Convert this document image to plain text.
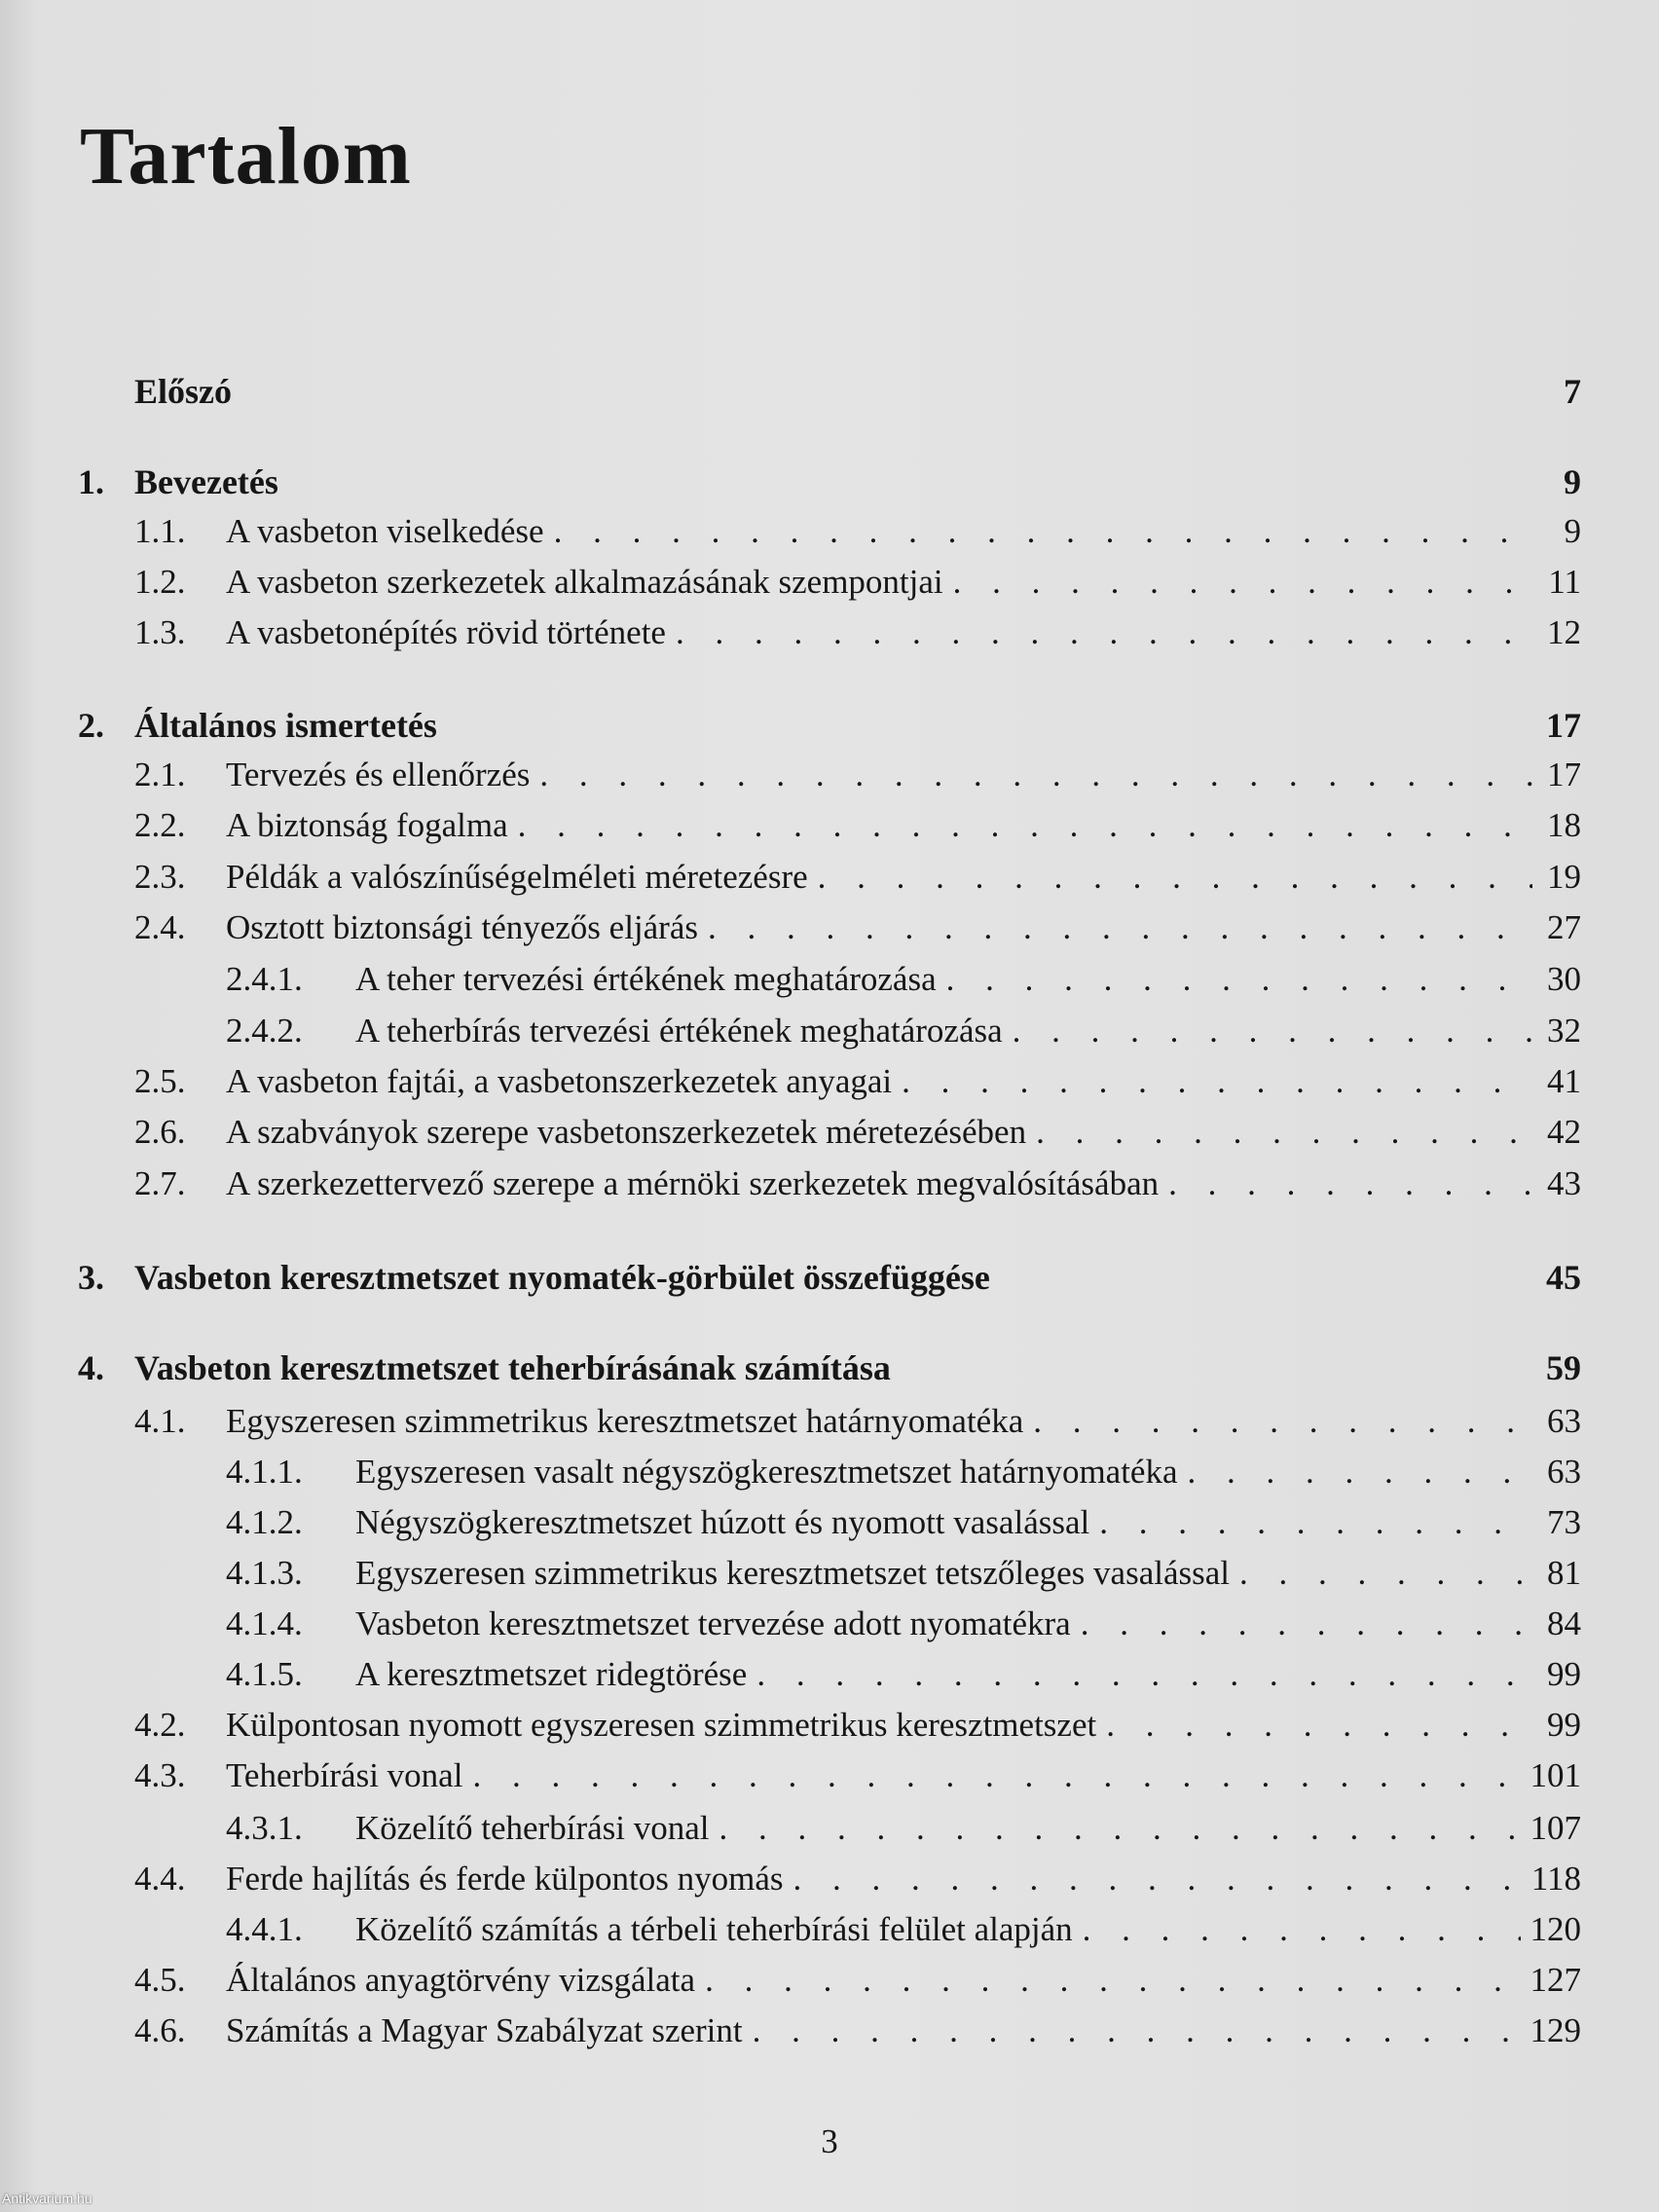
Tartalom
Előszó	7
1. Bevezetés	9
1.1.	A vasbeton viselkedése . . .	9
1.2.	A vasbeton szerkezetek alkalmazásának szempontjai . . .	11
1.3.	A vasbetonépítés rövid története . . .	12
2. Általános ismertetés	17
2.1.	Tervezés és ellenőrzés . . .	17
2.2.	A biztonság fogalma . . .	18
2.3.	Példák a valószínűségelméleti méretezésre . . .	19
2.4.	Osztott biztonsági tényezős eljárás . . .	27
2.4.1.	A teher tervezési értékének meghatározása . . .	30
2.4.2.	A teherbírás tervezési értékének meghatározása . . .	32
2.5.	A vasbeton fajtái, a vasbetonszerkezetek anyagai . . .	41
2.6.	A szabványok szerepe vasbetonszerkezetek méretezésében . . .	42
2.7.	A szerkezettervező szerepe a mérnöki szerkezetek megvalósításában . . .	43
3. Vasbeton keresztmetszet nyomaték-görbület összefüggése	45
4. Vasbeton keresztmetszet teherbírásának számítása	59
4.1.	Egyszeresen szimmetrikus keresztmetszet határnyomatéka . . .	63
4.1.1.	Egyszeresen vasalt négyszögkeresztmetszet határnyomatéka . . .	63
4.1.2.	Négyszögkeresztmetszet húzott és nyomott vasalással . . .	73
4.1.3.	Egyszeresen szimmetrikus keresztmetszet tetszőleges vasalással . . .	81
4.1.4.	Vasbeton keresztmetszet tervezése adott nyomatékra . . .	84
4.1.5.	A keresztmetszet ridegtörése . . .	99
4.2.	Külpontosan nyomott egyszeresen szimmetrikus keresztmetszet . . .	99
4.3.	Teherbírási vonal . . .	101
4.3.1.	Közelítő teherbírási vonal . . .	107
4.4.	Ferde hajlítás és ferde külpontos nyomás . . .	118
4.4.1.	Közelítő számítás a térbeli teherbírási felület alapján . . .	120
4.5.	Általános anyagtörvény vizsgálata . . .	127
4.6.	Számítás a Magyar Szabályzat szerint . . .	129
3
Antikvarium.hu
